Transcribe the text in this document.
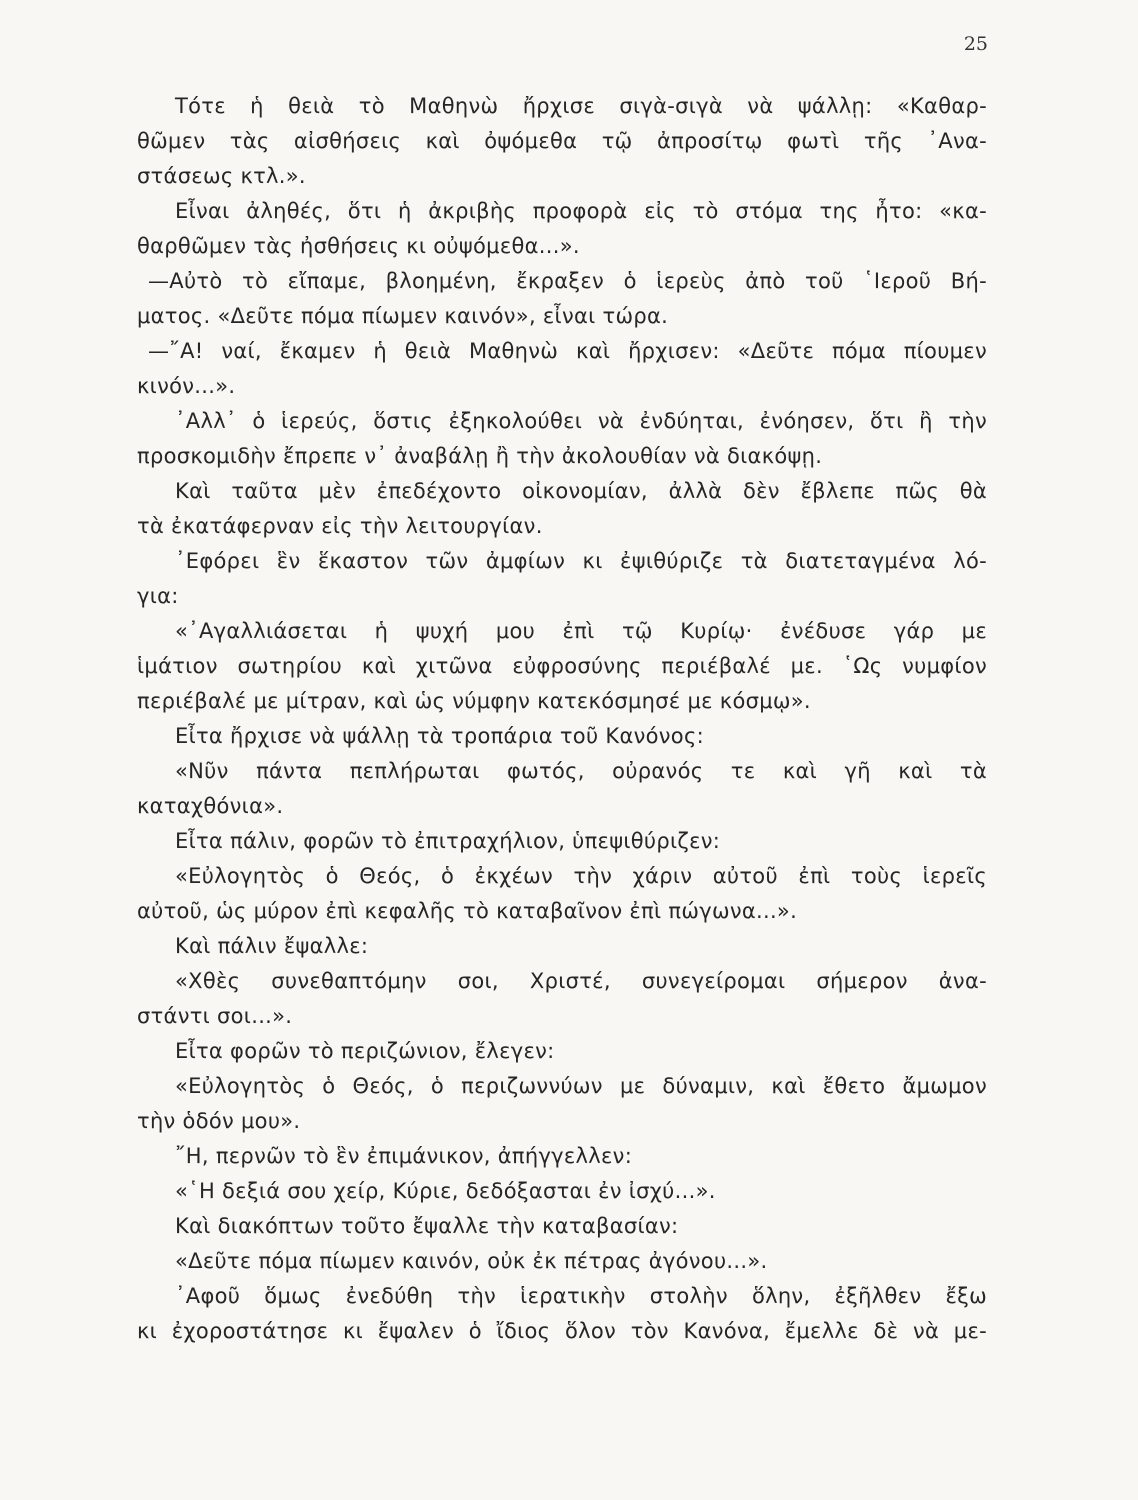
25
Τότε ἡ θειὰ τὸ Μαθηνὼ ἤρχισε σιγὰ-σιγὰ νὰ ψάλλῃ: «Καθαρ-
θῶμεν τὰς αἰσθήσεις καὶ ὀψόμεθα τῷ ἀπροσίτῳ φωτὶ τῆς ᾿Ανα-
στάσεως κτλ.».
Εἶναι ἀληθές, ὅτι ἡ ἀκριβὴς προφορὰ εἰς τὸ στόμα της ἦτο: «κα-
θαρθῶμεν τὰς ἠσθήσεις κι οὐψόμεθα...».
—Αὐτὸ τὸ εἴπαμε, βλοημένη, ἔκραξεν ὁ ἱερεὺς ἀπὸ τοῦ ῾Ιεροῦ Βή-
ματος. «Δεῦτε πόμα πίωμεν καινόν», εἶναι τώρα.
—῎Α! ναί, ἔκαμεν ἡ θειὰ Μαθηνὼ καὶ ἤρχισεν: «Δεῦτε πόμα πίουμεν
κινόν...».
᾿Αλλ᾿ ὁ ἱερεύς, ὅστις ἐξηκολούθει νὰ ἐνδύηται, ἐνόησεν, ὅτι ἢ τὴν
προσκομιδὴν ἔπρεπε ν᾿ ἀναβάλῃ ἢ τὴν ἀκολουθίαν νὰ διακόψῃ.
Καὶ ταῦτα μὲν ἐπεδέχοντο οἰκονομίαν, ἀλλὰ δὲν ἔβλεπε πῶς θὰ
τὰ ἐκατάφερναν εἰς τὴν λειτουργίαν.
᾿Εφόρει ἓν ἕκαστον τῶν ἀμφίων κι ἐψιθύριζε τὰ διατεταγμένα λό-
για:
«᾿Αγαλλιάσεται ἡ ψυχή μου ἐπὶ τῷ Κυρίῳ· ἐνέδυσε γάρ με
ἱμάτιον σωτηρίου καὶ χιτῶνα εὐφροσύνης περιέβαλέ με. ῾Ως νυμφίον
περιέβαλέ με μίτραν, καὶ ὡς νύμφην κατεκόσμησέ με κόσμῳ».
Εἶτα ἤρχισε νὰ ψάλλῃ τὰ τροπάρια τοῦ Κανόνος:
«Νῦν πάντα πεπλήρωται φωτός, οὐρανός τε καὶ γῆ καὶ τὰ
καταχθόνια».
Εἶτα πάλιν, φορῶν τὸ ἐπιτραχήλιον, ὑπεψιθύριζεν:
«Εὐλογητὸς ὁ Θεός, ὁ ἐκχέων τὴν χάριν αὐτοῦ ἐπὶ τοὺς ἱερεῖς
αὐτοῦ, ὡς μύρον ἐπὶ κεφαλῆς τὸ καταβαῖνον ἐπὶ πώγωνα...».
Καὶ πάλιν ἔψαλλε:
«Χθὲς συνεθαπτόμην σοι, Χριστέ, συνεγείρομαι σήμερον ἀνα-
στάντι σοι...».
Εἶτα φορῶν τὸ περιζώνιον, ἔλεγεν:
«Εὐλογητὸς ὁ Θεός, ὁ περιζωννύων με δύναμιν, καὶ ἔθετο ἄμωμον
τὴν ὁδόν μου».
῎Η, περνῶν τὸ ἓν ἐπιμάνικον, ἀπήγγελλεν:
«῾Η δεξιά σου χείρ, Κύριε, δεδόξασται ἐν ἰσχύ...».
Καὶ διακόπτων τοῦτο ἔψαλλε τὴν καταβασίαν:
«Δεῦτε πόμα πίωμεν καινόν, οὐκ ἐκ πέτρας ἀγόνου...».
᾿Αφοῦ ὅμως ἐνεδύθη τὴν ἱερατικὴν στολὴν ὅλην, ἐξῆλθεν ἔξω
κι ἐχοροστάτησε κι ἔψαλεν ὁ ἴδιος ὅλον τὸν Κανόνα, ἔμελλε δὲ νὰ με-
